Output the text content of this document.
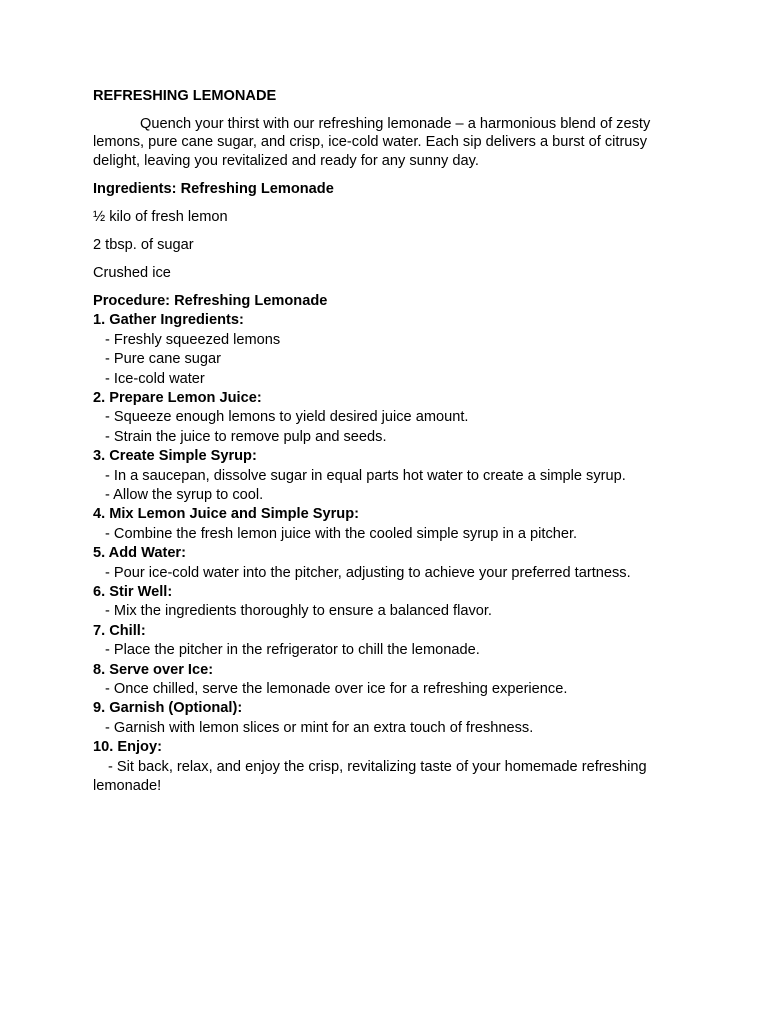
REFRESHING LEMONADE

Quench your thirst with our refreshing lemonade – a harmonious blend of zesty lemons, pure cane sugar, and crisp, ice-cold water. Each sip delivers a burst of citrusy delight, leaving you revitalized and ready for any sunny day.

Ingredients: Refreshing Lemonade

½ kilo of fresh lemon

2 tbsp. of sugar

Crushed ice

Procedure: Refreshing Lemonade

1. Gather Ingredients:
- Freshly squeezed lemons
- Pure cane sugar
- Ice-cold water
2. Prepare Lemon Juice:
- Squeeze enough lemons to yield desired juice amount.
- Strain the juice to remove pulp and seeds.
3. Create Simple Syrup:
- In a saucepan, dissolve sugar in equal parts hot water to create a simple syrup.
- Allow the syrup to cool.
4. Mix Lemon Juice and Simple Syrup:
- Combine the fresh lemon juice with the cooled simple syrup in a pitcher.
5. Add Water:
- Pour ice-cold water into the pitcher, adjusting to achieve your preferred tartness.
6. Stir Well:
- Mix the ingredients thoroughly to ensure a balanced flavor.
7. Chill:
- Place the pitcher in the refrigerator to chill the lemonade.
8. Serve over Ice:
- Once chilled, serve the lemonade over ice for a refreshing experience.
9. Garnish (Optional):
- Garnish with lemon slices or mint for an extra touch of freshness.
10. Enjoy:
- Sit back, relax, and enjoy the crisp, revitalizing taste of your homemade refreshing lemonade!
